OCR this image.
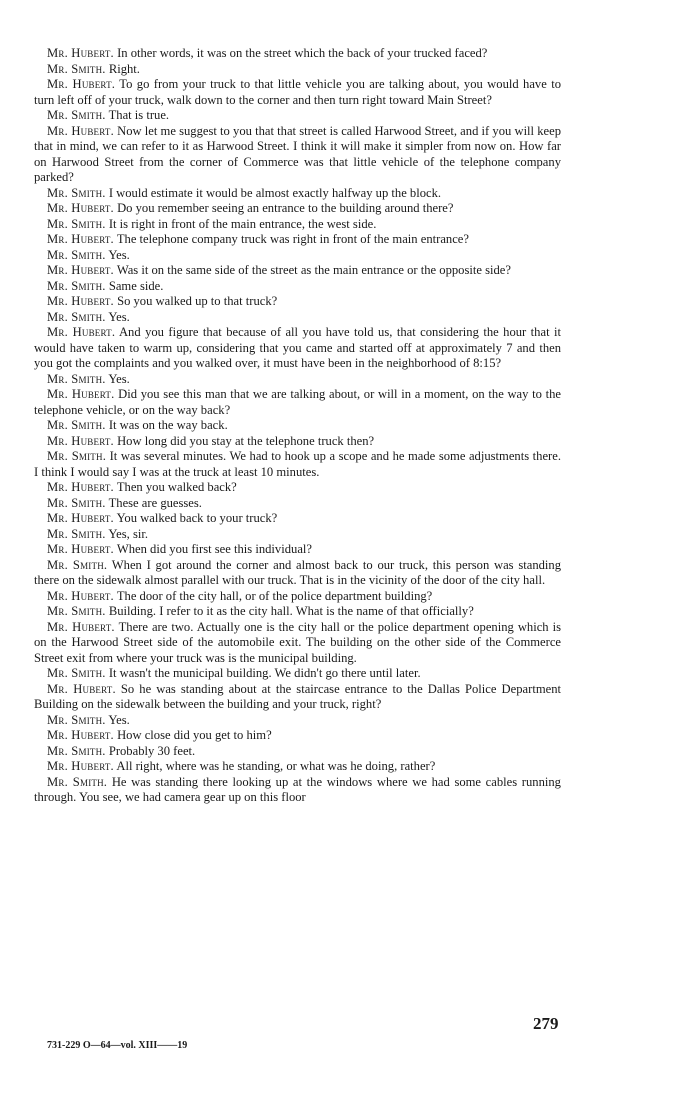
Mr. Hubert. In other words, it was on the street which the back of your trucked faced?

Mr. Smith. Right.

Mr. Hubert. To go from your truck to that little vehicle you are talking about, you would have to turn left off of your truck, walk down to the corner and then turn right toward Main Street?

Mr. Smith. That is true.

Mr. Hubert. Now let me suggest to you that that street is called Harwood Street, and if you will keep that in mind, we can refer to it as Harwood Street. I think it will make it simpler from now on. How far on Harwood Street from the corner of Commerce was that little vehicle of the telephone company parked?

Mr. Smith. I would estimate it would be almost exactly halfway up the block.

Mr. Hubert. Do you remember seeing an entrance to the building around there?

Mr. Smith. It is right in front of the main entrance, the west side.

Mr. Hubert. The telephone company truck was right in front of the main entrance?

Mr. Smith. Yes.

Mr. Hubert. Was it on the same side of the street as the main entrance or the opposite side?

Mr. Smith. Same side.

Mr. Hubert. So you walked up to that truck?

Mr. Smith. Yes.

Mr. Hubert. And you figure that because of all you have told us, that considering the hour that it would have taken to warm up, considering that you came and started off at approximately 7 and then you got the complaints and you walked over, it must have been in the neighborhood of 8:15?

Mr. Smith. Yes.

Mr. Hubert. Did you see this man that we are talking about, or will in a moment, on the way to the telephone vehicle, or on the way back?

Mr. Smith. It was on the way back.

Mr. Hubert. How long did you stay at the telephone truck then?

Mr. Smith. It was several minutes. We had to hook up a scope and he made some adjustments there. I think I would say I was at the truck at least 10 minutes.

Mr. Hubert. Then you walked back?

Mr. Smith. These are guesses.

Mr. Hubert. You walked back to your truck?

Mr. Smith. Yes, sir.

Mr. Hubert. When did you first see this individual?

Mr. Smith. When I got around the corner and almost back to our truck, this person was standing there on the sidewalk almost parallel with our truck. That is in the vicinity of the door of the city hall.

Mr. Hubert. The door of the city hall, or of the police department building?

Mr. Smith. Building. I refer to it as the city hall. What is the name of that officially?

Mr. Hubert. There are two. Actually one is the city hall or the police department opening which is on the Harwood Street side of the automobile exit. The building on the other side of the Commerce Street exit from where your truck was is the municipal building.

Mr. Smith. It wasn't the municipal building. We didn't go there until later.

Mr. Hubert. So he was standing about at the staircase entrance to the Dallas Police Department Building on the sidewalk between the building and your truck, right?

Mr. Smith. Yes.

Mr. Hubert. How close did you get to him?

Mr. Smith. Probably 30 feet.

Mr. Hubert. All right, where was he standing, or what was he doing, rather?

Mr. Smith. He was standing there looking up at the windows where we had some cables running through. You see, we had camera gear up on this floor

279
731-229 O—64—vol. XIII——19
